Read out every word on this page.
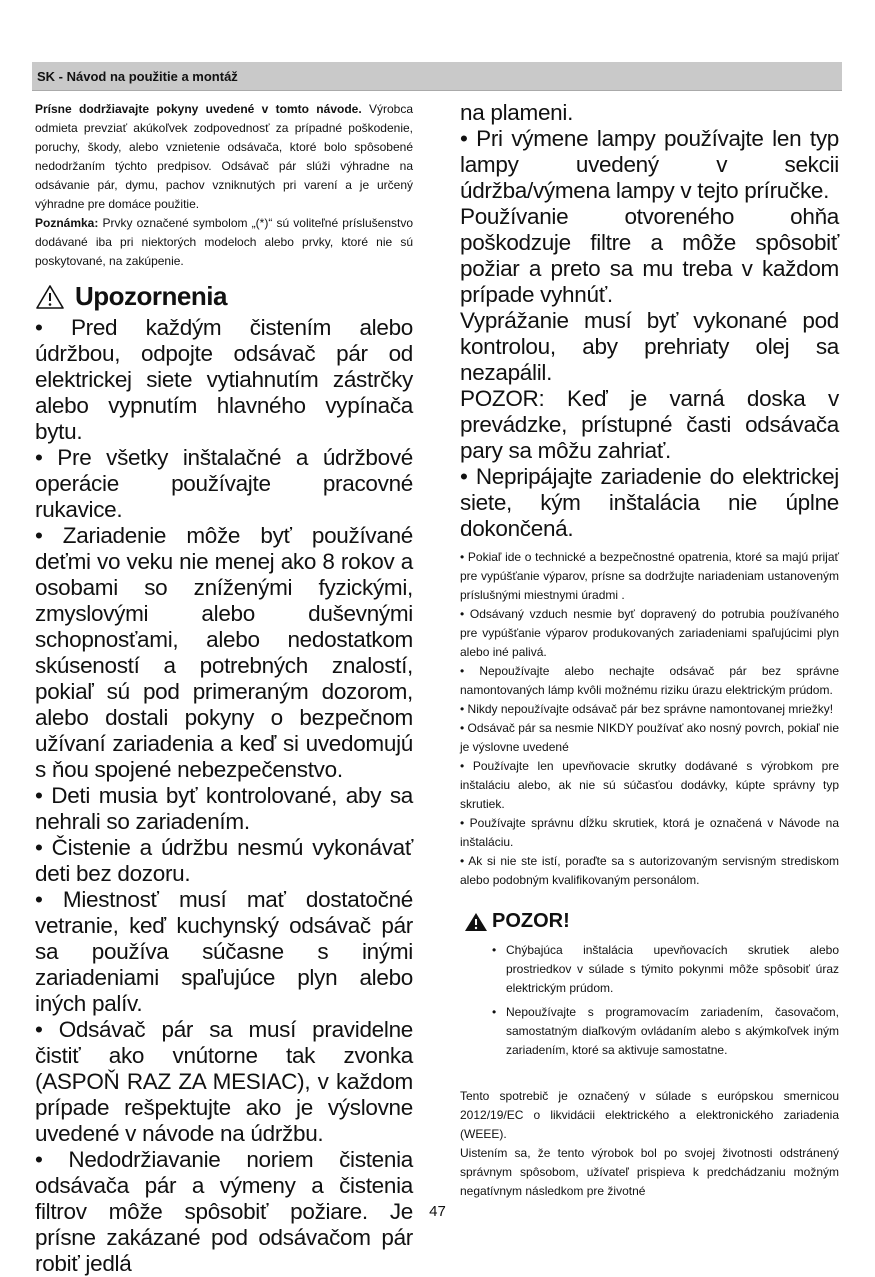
SK - Návod na použitie a montáž

Prísne dodržiavajte pokyny uvedené v tomto návode. Výrobca odmieta prevziať akúkoľvek zodpovednosť za prípadné poškodenie, poruchy, škody, alebo vznietenie odsávača, ktoré bolo spôsobené nedodržaním týchto predpisov. Odsávač pár slúži výhradne na odsávanie pár, dymu, pachov vzniknutých pri varení a je určený výhradne pre domáce použitie.

Poznámka: Prvky označené symbolom „(*)“ sú voliteľné príslušenstvo dodávané iba pri niektorých modeloch alebo prvky, ktoré nie sú poskytované, na zakúpenie.

Upozornenia

• Pred každým čistením alebo údržbou, odpojte odsávač pár od elektrickej siete vytiahnutím zástrčky alebo vypnutím hlavného vypínača bytu.

• Pre všetky inštalačné a údržbové operácie používajte pracovné rukavice.

• Zariadenie môže byť používané deťmi vo veku nie menej ako 8 rokov a osobami so zníženými fyzickými, zmyslovými alebo duševnými schopnosťami, alebo nedostatkom skúseností a potrebných znalostí, pokiaľ sú pod primeraným dozorom, alebo dostali pokyny o bezpečnom užívaní zariadenia a keď si uvedomujú s ňou spojené nebezpečenstvo.

• Deti musia byť kontrolované, aby sa nehrali so zariadením.

• Čistenie a údržbu nesmú vykonávať deti bez dozoru.

• Miestnosť musí mať dostatočné vetranie, keď kuchynský odsávač pár sa používa súčasne s inými zariadeniami spaľujúce plyn alebo iných palív.

• Odsávač pár sa musí pravidelne čistiť ako vnútorne tak zvonka (ASPOŇ RAZ ZA MESIAC), v každom prípade rešpektujte ako je výslovne uvedené v návode na údržbu.

• Nedodržiavanie noriem čistenia odsávača pár a výmeny a čistenia filtrov môže spôsobiť požiare. Je prísne zakázané pod odsávačom pár robiť jedlá

na plameni.

• Pri výmene lampy používajte len typ lampy uvedený v sekcii údržba/výmena lampy v tejto príručke.

Používanie otvoreného ohňa poškodzuje filtre a môže spôsobiť požiar a preto sa mu treba v každom prípade vyhnúť.

Vyprážanie musí byť vykonané pod kontrolou, aby prehriaty olej sa nezapálil.

POZOR: Keď je varná doska v prevádzke, prístupné časti odsávača pary sa môžu zahriať.

• Nepripájajte zariadenie do elektrickej siete, kým inštalácia nie úplne dokončená.

• Pokiaľ ide o technické a bezpečnostné opatrenia, ktoré sa majú prijať pre vypúšťanie výparov, prísne sa dodržujte nariadeniam ustanoveným príslušnými miestnymi úradmi .

• Odsávaný vzduch nesmie byť dopravený do potrubia používaného pre vypúšťanie výparov produkovaných zariadeniami spaľujúcimi plyn alebo iné palivá.

• Nepoužívajte alebo nechajte odsávač pár bez správne namontovaných lámp kvôli možnému riziku úrazu elektrickým prúdom.

• Nikdy nepoužívajte odsávač pár bez správne namontovanej mriežky!

• Odsávač pár sa nesmie NIKDY používať ako nosný povrch, pokiaľ nie je výslovne uvedené

• Používajte len upevňovacie skrutky dodávané s výrobkom pre inštaláciu alebo, ak nie sú súčasťou dodávky, kúpte správny typ skrutiek.

• Používajte správnu dĺžku skrutiek, ktorá je označená v Návode na inštaláciu.

• Ak si nie ste istí, poraďte sa s autorizovaným servisným strediskom alebo podobným kvalifikovaným personálom.

POZOR!
• Chýbajúca inštalácia upevňovacích skrutiek alebo prostriedkov v súlade s týmito pokynmi môže spôsobiť úraz elektrickým prúdom.
• Nepoužívajte s programovacím zariadením, časovačom, samostatným diaľkovým ovládaním alebo s akýmkoľvek iným zariadením, ktoré sa aktivuje samostatne.

Tento spotrebič je označený v súlade s európskou smernicou 2012/19/EC o likvidácii elektrického a elektronického zariadenia (WEEE).

Uistením sa, že tento výrobok bol po svojej životnosti odstránený správnym spôsobom, užívateľ prispieva k predchádzaniu možným negatívnym následkom pre životné

47
